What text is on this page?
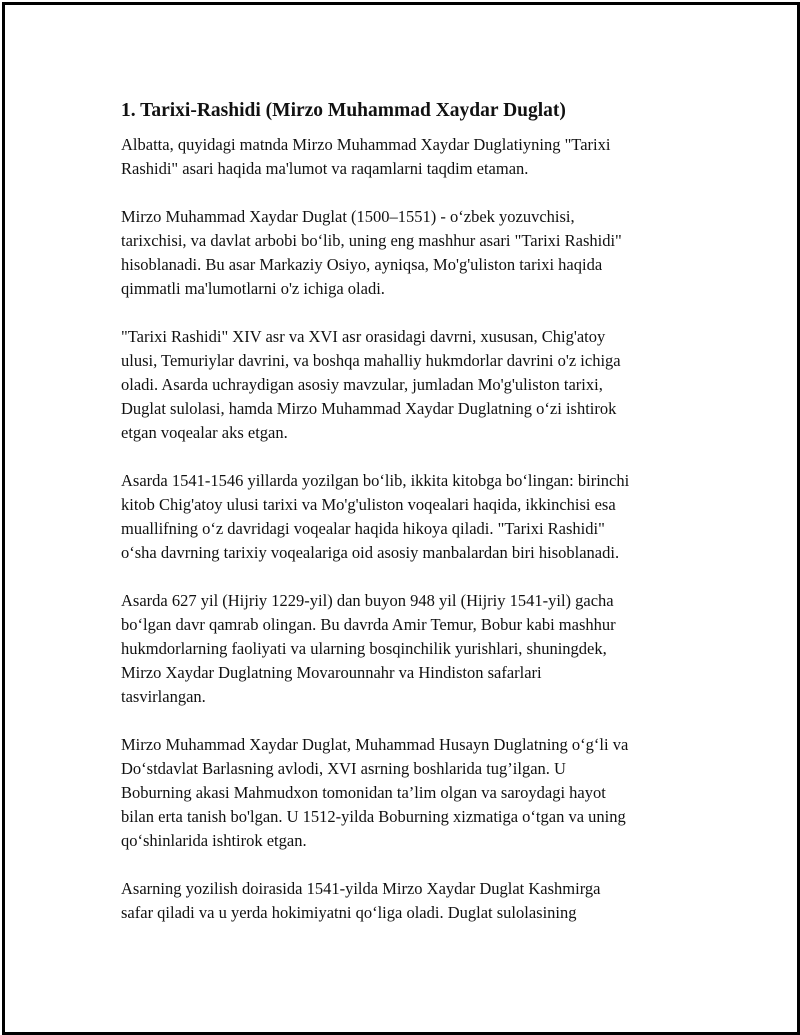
1. Tarixi-Rashidi (Mirzo Muhammad Xaydar Duglat)

Albatta, quyidagi matnda Mirzo Muhammad Xaydar Duglatiyning "Tarixi
Rashidi" asari haqida ma'lumot va raqamlarni taqdim etaman.

Mirzo Muhammad Xaydar Duglat (1500–1551) - o‘zbek yozuvchisi,
tarixchisi, va davlat arbobi bo‘lib, uning eng mashhur asari "Tarixi Rashidi"
hisoblanadi. Bu asar Markaziy Osiyo, ayniqsa, Mo'g'uliston tarixi haqida
qimmatli ma'lumotlarni o'z ichiga oladi.

"Tarixi Rashidi" XIV asr va XVI asr orasidagi davrni, xususan, Chig'atoy
ulusi, Temuriylar davrini, va boshqa mahalliy hukmdorlar davrini o'z ichiga
oladi. Asarda uchraydigan asosiy mavzular, jumladan Mo'g'uliston tarixi,
Duglat sulolasi, hamda Mirzo Muhammad Xaydar Duglatning o‘zi ishtirok
etgan voqealar aks etgan.

Asarda 1541-1546 yillarda yozilgan bo‘lib, ikkita kitobga bo‘lingan: birinchi
kitob Chig'atoy ulusi tarixi va Mo'g'uliston voqealari haqida, ikkinchisi esa
muallifning o‘z davridagi voqealar haqida hikoya qiladi. "Tarixi Rashidi"
o‘sha davrning tarixiy voqealariga oid asosiy manbalardan biri hisoblanadi.

Asarda 627 yil (Hijriy 1229-yil) dan buyon 948 yil (Hijriy 1541-yil) gacha
bo‘lgan davr qamrab olingan. Bu davrda Amir Temur, Bobur kabi mashhur
hukmdorlarning faoliyati va ularning bosqinchilik yurishlari, shuningdek,
Mirzo Xaydar Duglatning Movarounnahr va Hindiston safarlari
tasvirlangan.

Mirzo Muhammad Xaydar Duglat, Muhammad Husayn Duglatning o‘g‘li va
Do‘stdavlat Barlasning avlodi, XVI asrning boshlarida tug’ilgan. U
Boburning akasi Mahmudxon tomonidan ta’lim olgan va saroydagi hayot
bilan erta tanish bo'lgan. U 1512-yilda Boburning xizmatiga o‘tgan va uning
qo‘shinlarida ishtirok etgan.

Asarning yozilish doirasida 1541-yilda Mirzo Xaydar Duglat Kashmirga
safar qiladi va u yerda hokimiyatni qo‘liga oladi. Duglat sulolasining
